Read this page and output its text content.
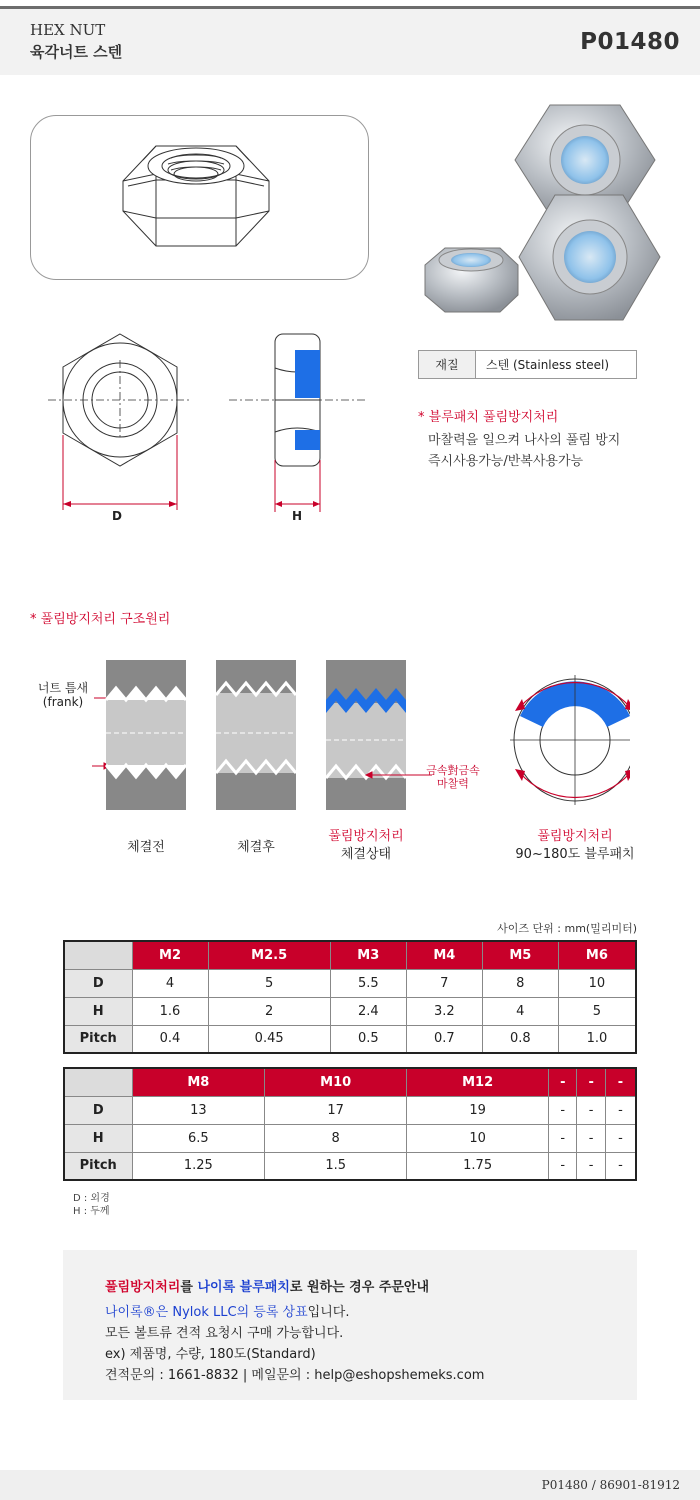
HEX NUT
육각너트 스텐	P01480
D	H
재질	스텐 (Stainless steel)
* 블루패치 풀림방지처리
마찰력을 일으켜 나사의 풀림 방지
즉시사용가능/반복사용가능
* 풀림방지처리 구조원리
너트 틈새
(frank)
금속對금속
마찰력
체결전	체결후
풀림방지처리
체결상태
풀림방지처리
90~180도 블루패치
사이즈 단위 : mm(밀리미터)
	M2	M2.5	M3	M4	M5	M6
D	4	5	5.5	7	8	10
H	1.6	2	2.4	3.2	4	5
Pitch	0.4	0.45	0.5	0.7	0.8	1.0
	M8	M10	M12	-	-	-
D	13	17	19	-	-	-
H	6.5	8	10	-	-	-
Pitch	1.25	1.5	1.75	-	-	-
D : 외경
H : 두께
풀림방지처리를 나이록 블루패치로 원하는 경우 주문안내
나이록®은 Nylok LLC의 등록 상표입니다.
모든 볼트류 견적 요청시 구매 가능합니다.
ex) 제품명, 수량, 180도(Standard)
견적문의 : 1661-8832 | 메일문의 : help@eshopshemeks.com
P01480 / 86901-81912
